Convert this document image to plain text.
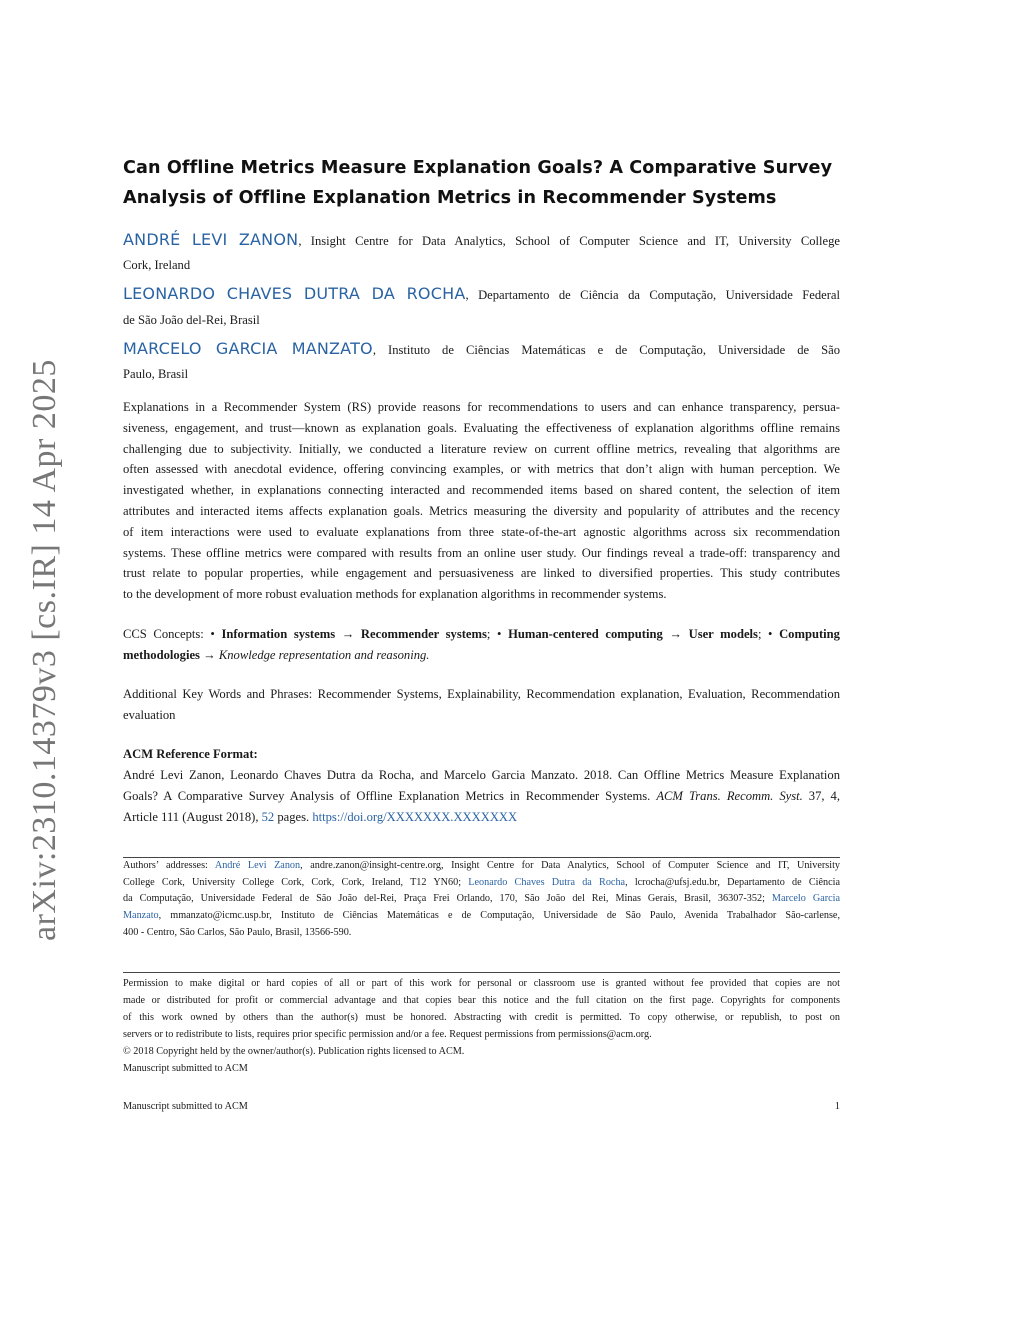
arXiv:2310.14379v3 [cs.IR] 14 Apr 2025
Can Offline Metrics Measure Explanation Goals? A Comparative Survey
Analysis of Offline Explanation Metrics in Recommender Systems
ANDRÉ LEVI ZANON, Insight Centre for Data Analytics, School of Computer Science and IT, University College
Cork, Ireland
LEONARDO CHAVES DUTRA DA ROCHA, Departamento de Ciência da Computação, Universidade Federal
de São João del-Rei, Brasil
MARCELO GARCIA MANZATO, Instituto de Ciências Matemáticas e de Computação, Universidade de São
Paulo, Brasil
Explanations in a Recommender System (RS) provide reasons for recommendations to users and can enhance transparency, persua-
siveness, engagement, and trust—known as explanation goals. Evaluating the effectiveness of explanation algorithms offline remains
challenging due to subjectivity. Initially, we conducted a literature review on current offline metrics, revealing that algorithms are
often assessed with anecdotal evidence, offering convincing examples, or with metrics that don’t align with human perception. We
investigated whether, in explanations connecting interacted and recommended items based on shared content, the selection of item
attributes and interacted items affects explanation goals. Metrics measuring the diversity and popularity of attributes and the recency
of item interactions were used to evaluate explanations from three state-of-the-art agnostic algorithms across six recommendation
systems. These offline metrics were compared with results from an online user study. Our findings reveal a trade-off: transparency and
trust relate to popular properties, while engagement and persuasiveness are linked to diversified properties. This study contributes
to the development of more robust evaluation methods for explanation algorithms in recommender systems.
CCS Concepts: • Information systems → Recommender systems; • Human-centered computing → User models; • Computing
methodologies → Knowledge representation and reasoning.
Additional Key Words and Phrases: Recommender Systems, Explainability, Recommendation explanation, Evaluation, Recommendation
evaluation
ACM Reference Format:
André Levi Zanon, Leonardo Chaves Dutra da Rocha, and Marcelo Garcia Manzato. 2018. Can Offline Metrics Measure Explanation
Goals? A Comparative Survey Analysis of Offline Explanation Metrics in Recommender Systems. ACM Trans. Recomm. Syst. 37, 4,
Article 111 (August 2018), 52 pages. https://doi.org/XXXXXXX.XXXXXXX
Authors’ addresses: André Levi Zanon, andre.zanon@insight-centre.org, Insight Centre for Data Analytics, School of Computer Science and IT, University
College Cork, University College Cork, Cork, Cork, Ireland, T12 YN60; Leonardo Chaves Dutra da Rocha, lcrocha@ufsj.edu.br, Departamento de Ciência
da Computação, Universidade Federal de São João del-Rei, Praça Frei Orlando, 170, São João del Rei, Minas Gerais, Brasil, 36307-352; Marcelo Garcia
Manzato, mmanzato@icmc.usp.br, Instituto de Ciências Matemáticas e de Computação, Universidade de São Paulo, Avenida Trabalhador São-carlense,
400 - Centro, São Carlos, São Paulo, Brasil, 13566-590.
Permission to make digital or hard copies of all or part of this work for personal or classroom use is granted without fee provided that copies are not
made or distributed for profit or commercial advantage and that copies bear this notice and the full citation on the first page. Copyrights for components
of this work owned by others than the author(s) must be honored. Abstracting with credit is permitted. To copy otherwise, or republish, to post on
servers or to redistribute to lists, requires prior specific permission and/or a fee. Request permissions from permissions@acm.org.
© 2018 Copyright held by the owner/author(s). Publication rights licensed to ACM.
Manuscript submitted to ACM
Manuscript submitted to ACM	1
